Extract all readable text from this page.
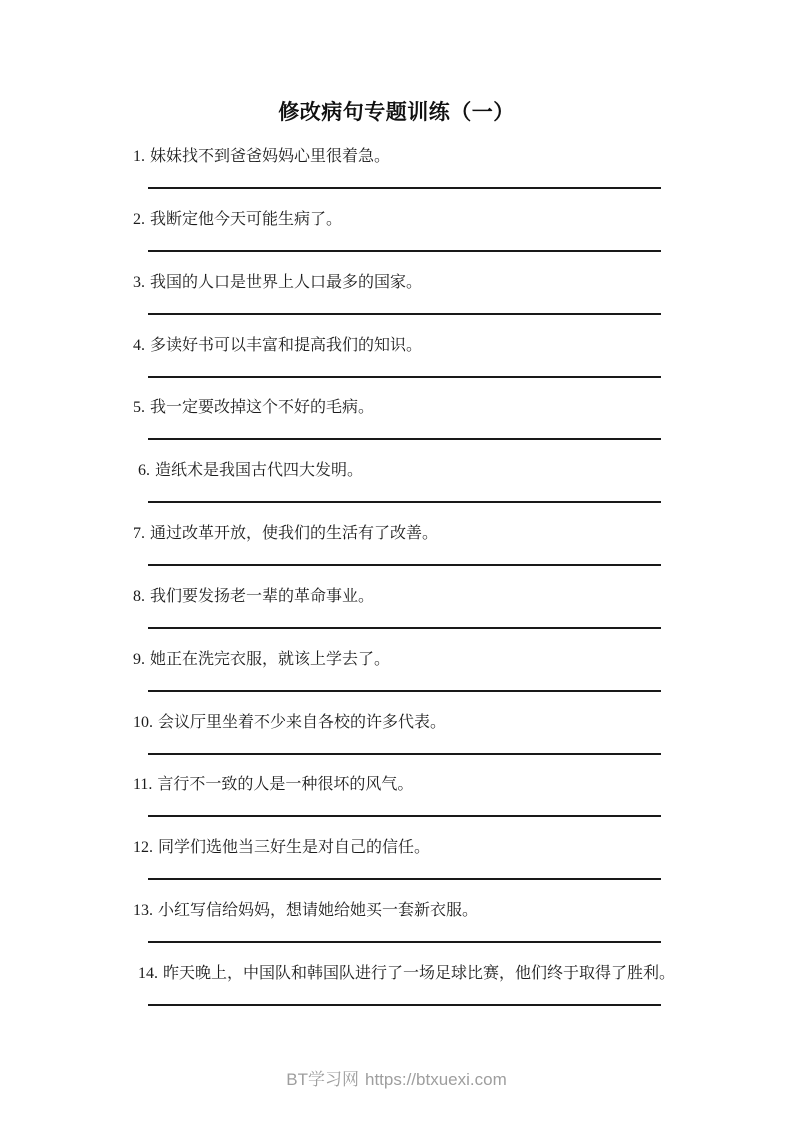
修改病句专题训练（一）
1. 妹妹找不到爸爸妈妈心里很着急。
2. 我断定他今天可能生病了。
3. 我国的人口是世界上人口最多的国家。
4. 多读好书可以丰富和提高我们的知识。
5. 我一定要改掉这个不好的毛病。
6. 造纸术是我国古代四大发明。
7. 通过改革开放，使我们的生活有了改善。
8. 我们要发扬老一辈的革命事业。
9. 她正在洗完衣服，就该上学去了。
10. 会议厅里坐着不少来自各校的许多代表。
11. 言行不一致的人是一种很坏的风气。
12. 同学们选他当三好生是对自己的信任。
13. 小红写信给妈妈，想请她给她买一套新衣服。
14. 昨天晚上，中国队和韩国队进行了一场足球比赛，他们终于取得了胜利。
BT学习网 https://btxuexi.com
